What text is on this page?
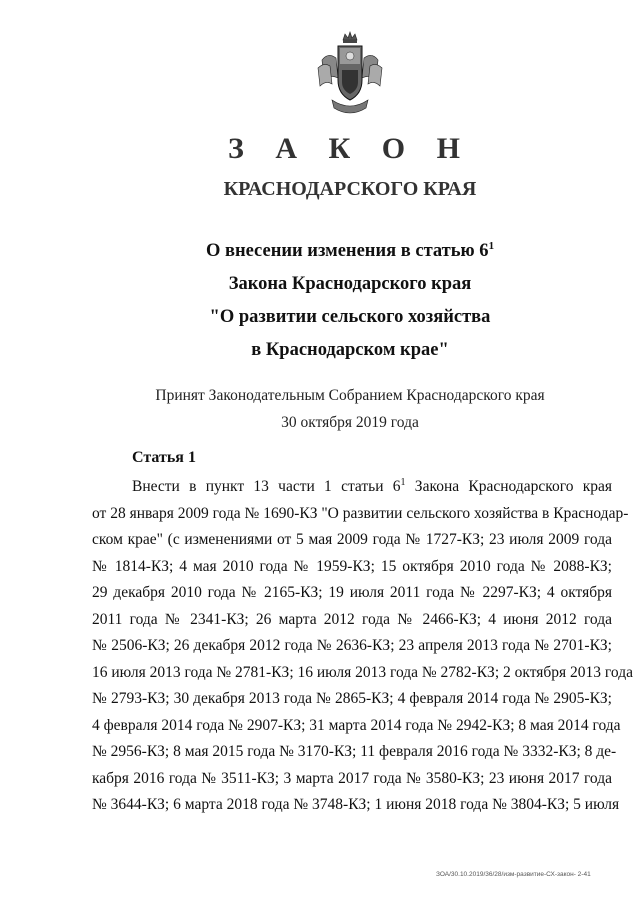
З А К О Н
КРАСНОДАРСКОГО КРАЯ
О внесении изменения в статью $6^1$
Закона Краснодарского края
"О развитии сельского хозяйства
в Краснодарском крае"
Принят Законодательным Собранием Краснодарского края
30 октября 2019 года
Статья 1
Внести в пункт 13 части 1 статьи $6^1$ Закона Краснодарского края
от 28 января 2009 года № 1690-КЗ "О развитии сельского хозяйства в Краснодар-
ском крае" (с изменениями от 5 мая 2009 года № 1727-КЗ; 23 июля 2009 года
№ 1814-КЗ; 4 мая 2010 года № 1959-КЗ; 15 октября 2010 года № 2088-КЗ;
29 декабря 2010 года № 2165-КЗ; 19 июля 2011 года № 2297-КЗ; 4 октября
2011 года № 2341-КЗ; 26 марта 2012 года № 2466-КЗ; 4 июня 2012 года
№ 2506-КЗ; 26 декабря 2012 года № 2636-КЗ; 23 апреля 2013 года № 2701-КЗ;
16 июля 2013 года № 2781-КЗ; 16 июля 2013 года № 2782-КЗ; 2 октября 2013 года
№ 2793-КЗ; 30 декабря 2013 года № 2865-КЗ; 4 февраля 2014 года № 2905-КЗ;
4 февраля 2014 года № 2907-КЗ; 31 марта 2014 года № 2942-КЗ; 8 мая 2014 года
№ 2956-КЗ; 8 мая 2015 года № 3170-КЗ; 11 февраля 2016 года № 3332-КЗ; 8 де-
кабря 2016 года № 3511-КЗ; 3 марта 2017 года № 3580-КЗ; 23 июня 2017 года
№ 3644-КЗ; 6 марта 2018 года № 3748-КЗ; 1 июня 2018 года № 3804-КЗ; 5 июля
ЗОА/30.10.2019/36/28/изм-развитие-СХ-закон- 2-41
